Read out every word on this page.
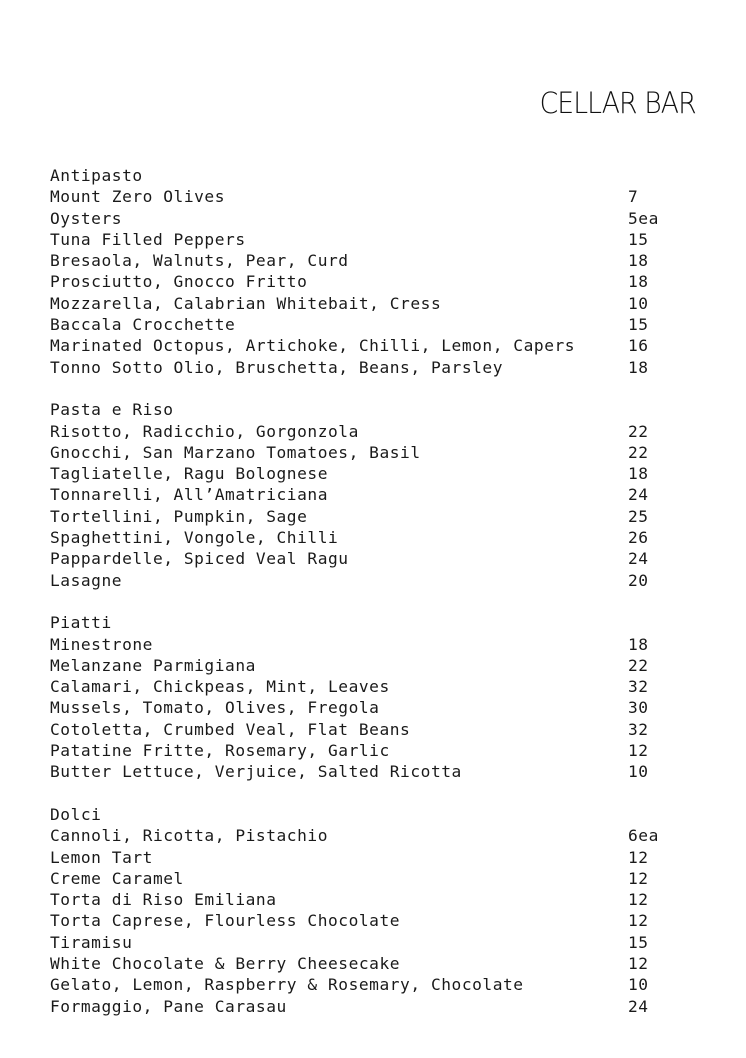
CELLAR BAR
Antipasto
Mount Zero Olives	7
Oysters	5ea
Tuna Filled Peppers	15
Bresaola, Walnuts, Pear, Curd	18
Prosciutto, Gnocco Fritto	18
Mozzarella, Calabrian Whitebait, Cress	10
Baccala Crocchette	15
Marinated Octopus, Artichoke, Chilli, Lemon, Capers	16
Tonno Sotto Olio, Bruschetta, Beans, Parsley	18
Pasta e Riso
Risotto, Radicchio, Gorgonzola	22
Gnocchi, San Marzano Tomatoes, Basil	22
Tagliatelle, Ragu Bolognese	18
Tonnarelli, All’Amatriciana	24
Tortellini, Pumpkin, Sage	25
Spaghettini, Vongole, Chilli	26
Pappardelle, Spiced Veal Ragu	24
Lasagne	20
Piatti
Minestrone	18
Melanzane Parmigiana	22
Calamari, Chickpeas, Mint, Leaves	32
Mussels, Tomato, Olives, Fregola	30
Cotoletta, Crumbed Veal, Flat Beans	32
Patatine Fritte, Rosemary, Garlic	12
Butter Lettuce, Verjuice, Salted Ricotta	10
Dolci
Cannoli, Ricotta, Pistachio	6ea
Lemon Tart	12
Creme Caramel	12
Torta di Riso Emiliana	12
Torta Caprese, Flourless Chocolate	12
Tiramisu	15
White Chocolate & Berry Cheesecake	12
Gelato, Lemon, Raspberry & Rosemary, Chocolate	10
Formaggio, Pane Carasau	24
